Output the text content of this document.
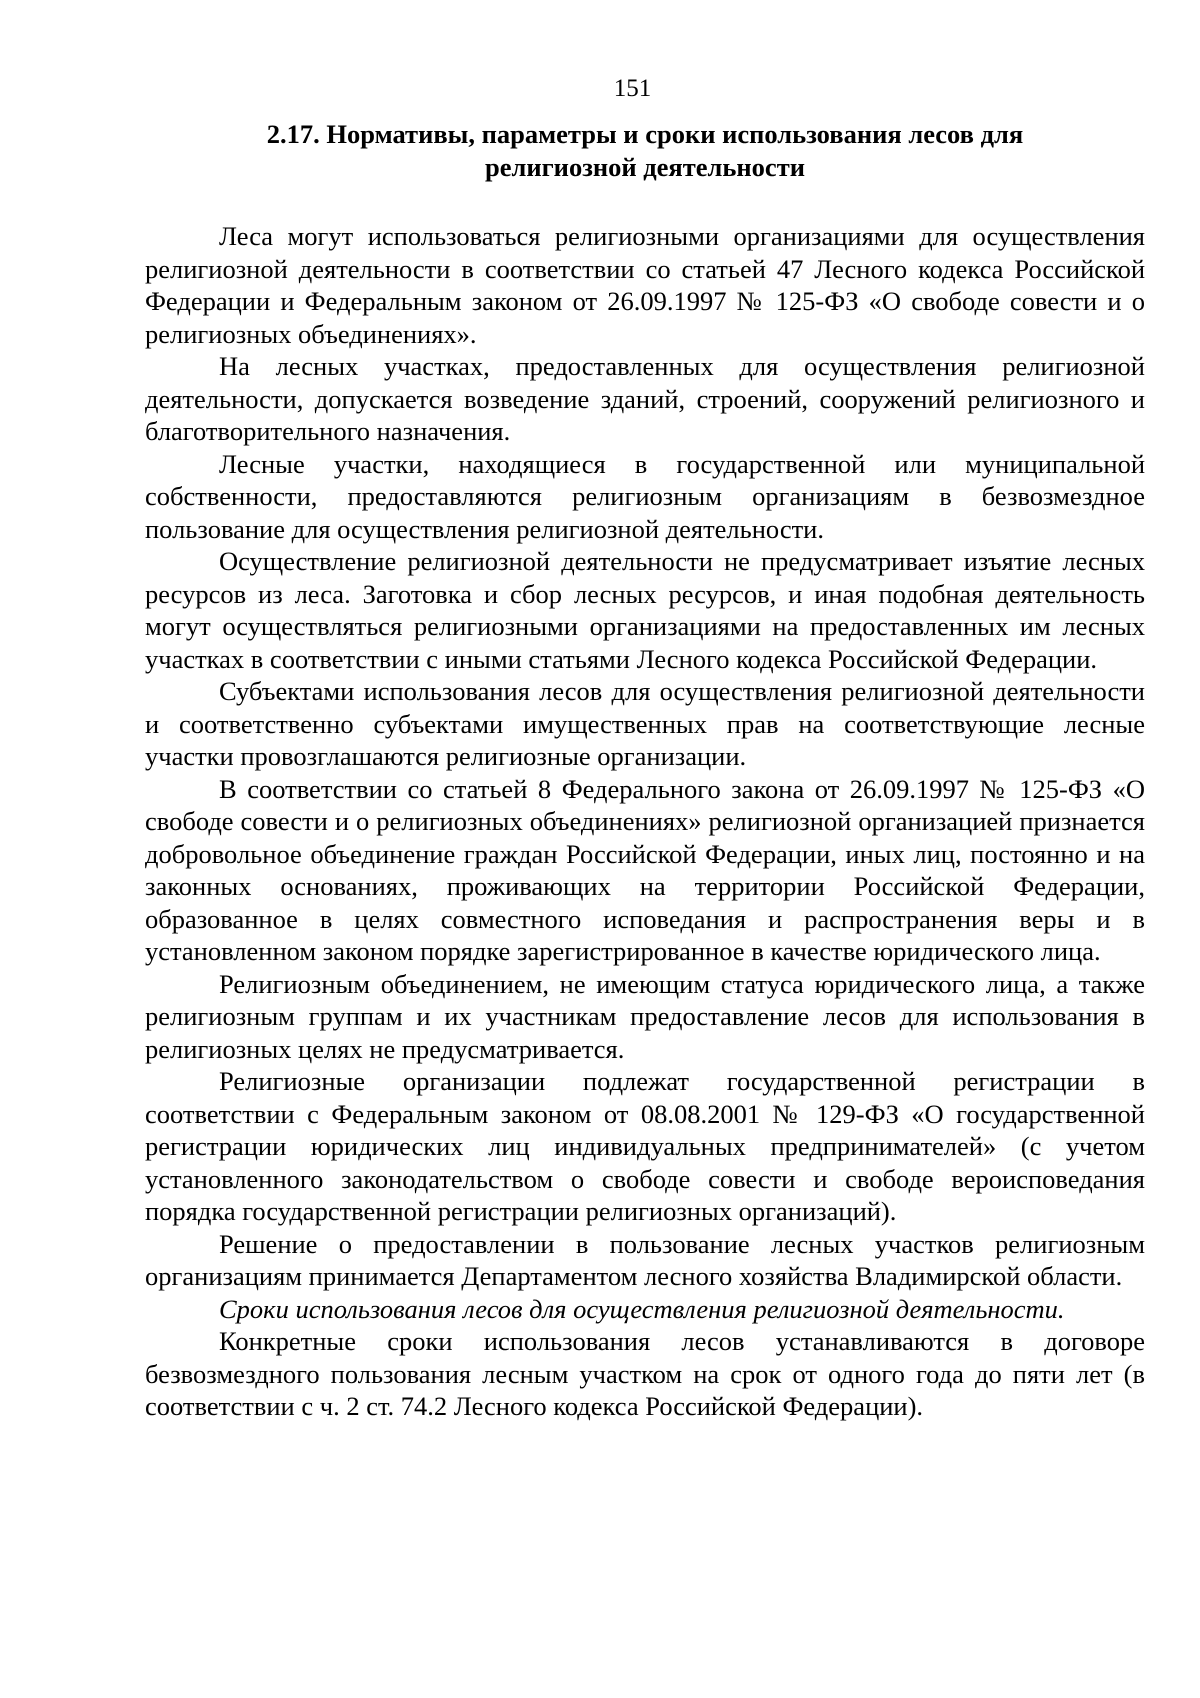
151
2.17. Нормативы, параметры и сроки использования лесов для
религиозной деятельности

Леса могут использоваться религиозными организациями для осуществления религиозной деятельности в соответствии со статьей 47 Лесного кодекса Российской Федерации и Федеральным законом от 26.09.1997 № 125-ФЗ «О свободе совести и о религиозных объединениях».

На лесных участках, предоставленных для осуществления религиозной деятельности, допускается возведение зданий, строений, сооружений религиозного и благотворительного назначения.

Лесные участки, находящиеся в государственной или муниципальной собственности, предоставляются религиозным организациям в безвозмездное пользование для осуществления религиозной деятельности.

Осуществление религиозной деятельности не предусматривает изъятие лесных ресурсов из леса. Заготовка и сбор лесных ресурсов, и иная подобная деятельность могут осуществляться религиозными организациями на предоставленных им лесных участках в соответствии с иными статьями Лесного кодекса Российской Федерации.

Субъектами использования лесов для осуществления религиозной деятельности и соответственно субъектами имущественных прав на соответствующие лесные участки провозглашаются религиозные организации.

В соответствии со статьей 8 Федерального закона от 26.09.1997 № 125-ФЗ «О свободе совести и о религиозных объединениях» религиозной организацией признается добровольное объединение граждан Российской Федерации, иных лиц, постоянно и на законных основаниях, проживающих на территории Российской Федерации, образованное в целях совместного исповедания и распространения веры и в установленном законом порядке зарегистрированное в качестве юридического лица.

Религиозным объединением, не имеющим статуса юридического лица, а также религиозным группам и их участникам предоставление лесов для использования в религиозных целях не предусматривается.

Религиозные организации подлежат государственной регистрации в соответствии с Федеральным законом от 08.08.2001 № 129-ФЗ «О государственной регистрации юридических лиц индивидуальных предпринимателей» (с учетом установленного законодательством о свободе совести и свободе вероисповедания порядка государственной регистрации религиозных организаций).

Решение о предоставлении в пользование лесных участков религиозным организациям принимается Департаментом лесного хозяйства Владимирской области.

Сроки использования лесов для осуществления религиозной деятельности.

Конкретные сроки использования лесов устанавливаются в договоре безвозмездного пользования лесным участком на срок от одного года до пяти лет (в соответствии с ч. 2 ст. 74.2 Лесного кодекса Российской Федерации).
